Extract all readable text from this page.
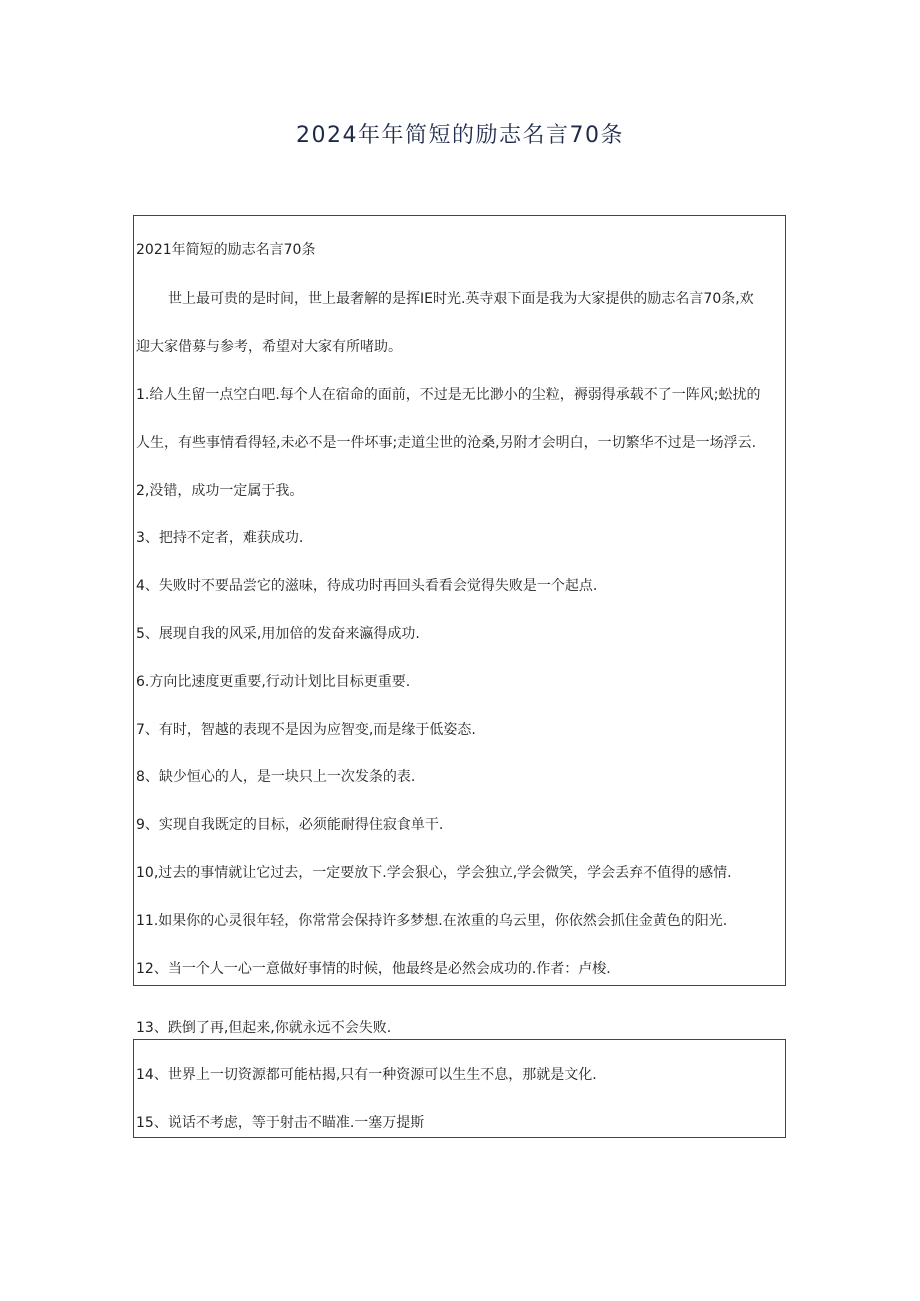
2024年年简短的励志名言70条
2021年简短的励志名言70条
世上最可贵的是时间，世上最奢解的是挥IE时光.英寺艰下面是我为大家提供的励志名言70条,欢
迎大家借募与参考，希望对大家有所啫助。
1.给人生留一点空白吧.每个人在宿命的面前，不过是无比渺小的尘粒，褥弱得承载不了一阵风;蚣扰的
人生，有些事情看得轻,未必不是一件坏事;走道尘世的沧桑,另附才会明白，一切繁华不过是一场浮云.
2,没错，成功一定属于我。
3、把持不定者，难获成功.
4、失败时不要品尝它的滋味，待成功时再回头看看会觉得失败是一个起点.
5、展现自我的风采,用加倍的发奋来瀛得成功.
6.方向比速度更重要,行动计划比目标更重要.
7、有时，智越的表现不是因为应智变,而是缘于低姿态.
8、缺少恒心的人，是一块只上一次发条的表.
9、实现自我既定的目标，必须能耐得住寂食单干.
10,过去的事情就让它过去，一定要放下.学会狠心，学会独立,学会微笑，学会丢弃不值得的感情.
11.如果你的心灵很年轻，你常常会保持许多梦想.在浓重的乌云里，你依然会抓住金黄色的阳光.
12、当一个人一心一意做好事情的时候，他最终是必然会成功的.作者：卢梭.
13、跌倒了再,但起来,你就永远不会失败.
14、世界上一切资源都可能枯揭,只有一种资源可以生生不息，那就是文化.
15、说话不考虑，等于射击不瞄准.一塞万提斯
